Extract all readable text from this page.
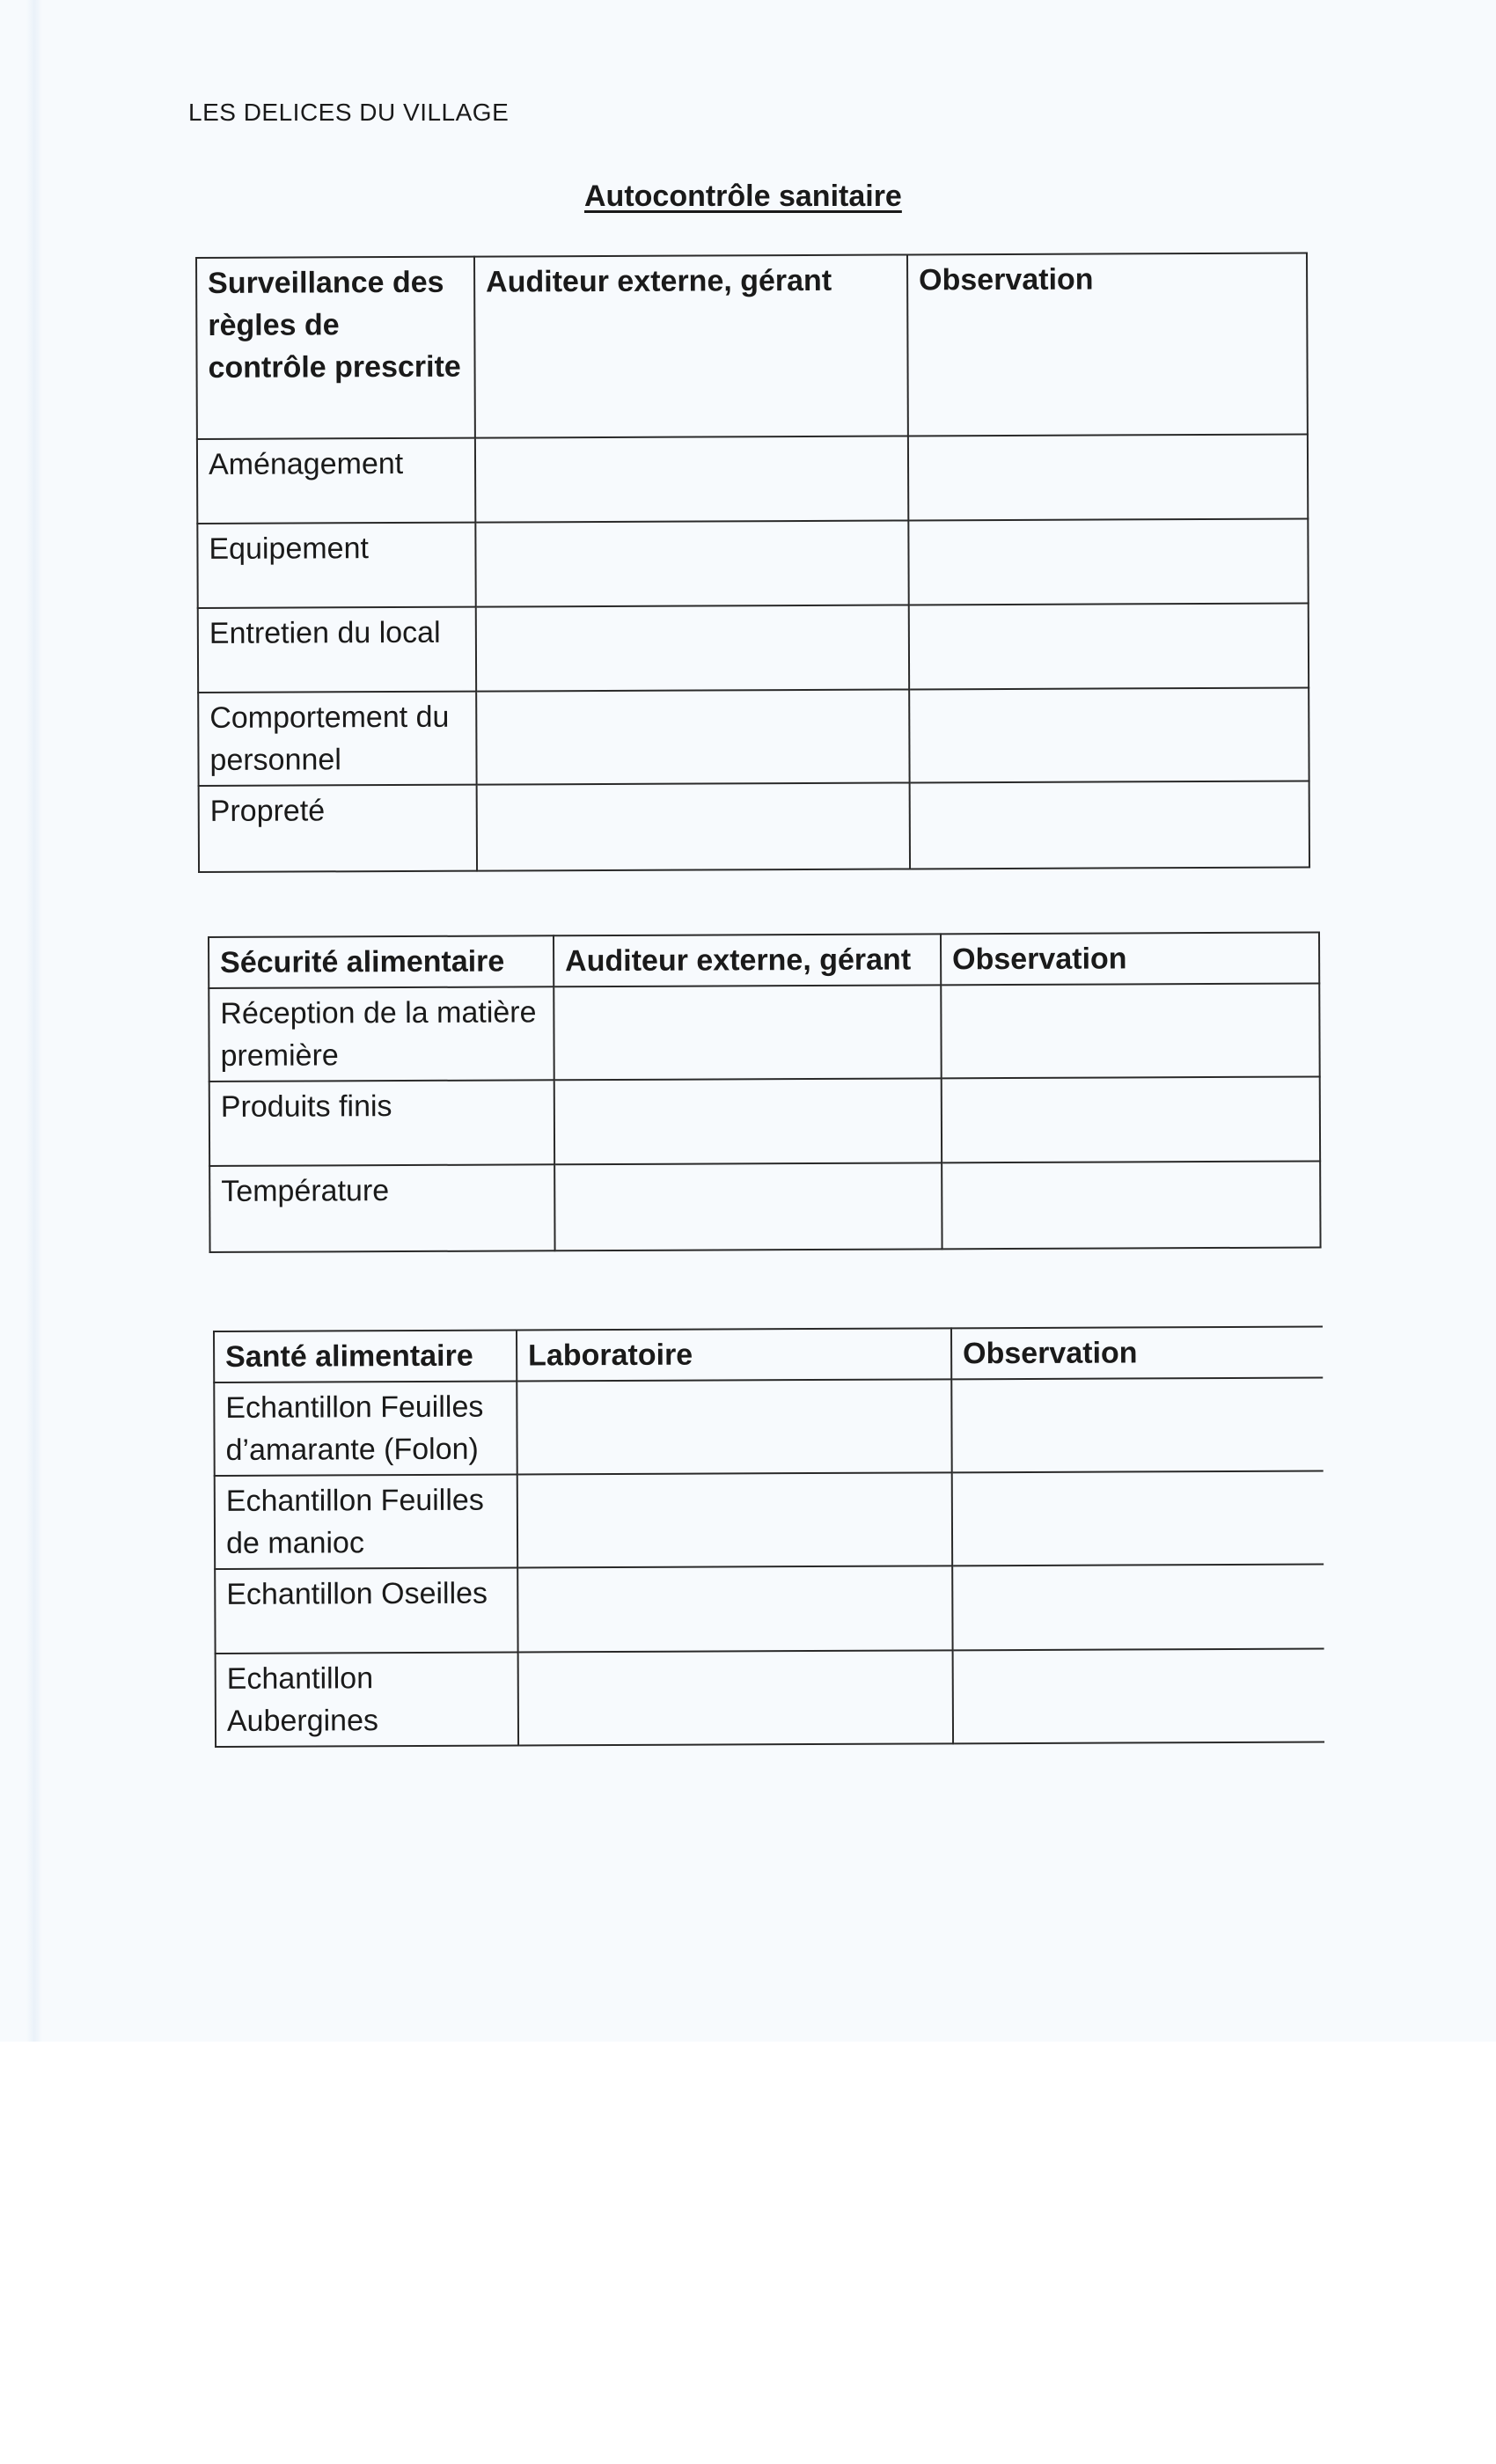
LES DELICES DU VILLAGE
Autocontrôle sanitaire
Surveillance des règles de contrôle prescrite	Auditeur externe, gérant	Observation
Aménagement		
Equipement		
Entretien du local		
Comportement du personnel		
Propreté		
Sécurité alimentaire	Auditeur externe, gérant	Observation
Réception de la matière première		
Produits finis		
Température		
Santé alimentaire	Laboratoire	Observation
Echantillon Feuilles d’amarante (Folon)		
Echantillon Feuilles de manioc		
Echantillon Oseilles		
Echantillon Aubergines		
